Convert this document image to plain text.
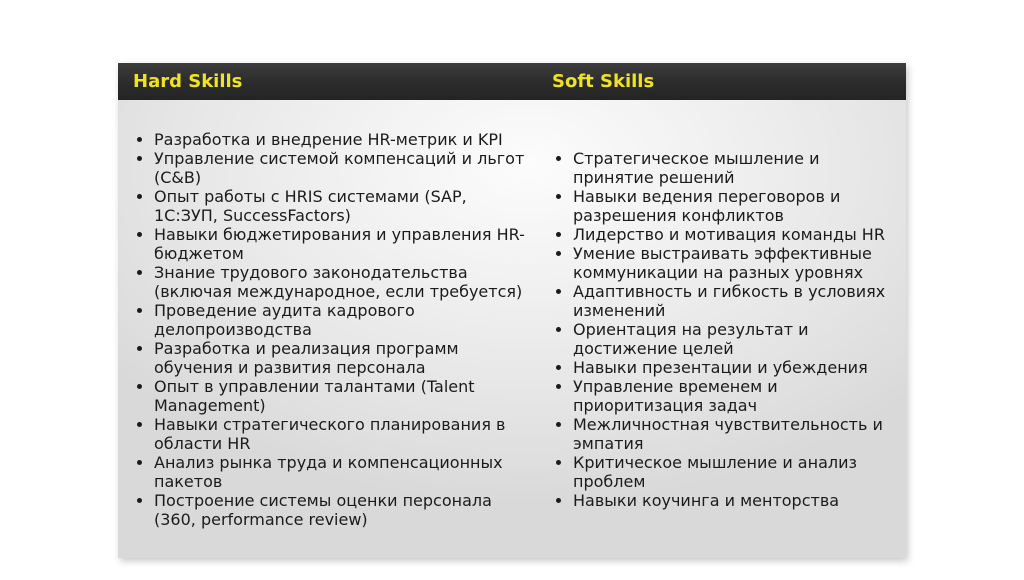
Hard Skills	Soft Skills
• Разработка и внедрение HR-метрик и KPI
• Управление системой компенсаций и льгот (C&B)
• Опыт работы с HRIS системами (SAP, 1С:ЗУП, SuccessFactors)
• Навыки бюджетирования и управления HR-бюджетом
• Знание трудового законодательства (включая международное, если требуется)
• Проведение аудита кадрового делопроизводства
• Разработка и реализация программ обучения и развития персонала
• Опыт в управлении талантами (Talent Management)
• Навыки стратегического планирования в области HR
• Анализ рынка труда и компенсационных пакетов
• Построение системы оценки персонала (360, performance review)
• Стратегическое мышление и принятие решений
• Навыки ведения переговоров и разрешения конфликтов
• Лидерство и мотивация команды HR
• Умение выстраивать эффективные коммуникации на разных уровнях
• Адаптивность и гибкость в условиях изменений
• Ориентация на результат и достижение целей
• Навыки презентации и убеждения
• Управление временем и приоритизация задач
• Межличностная чувствительность и эмпатия
• Критическое мышление и анализ проблем
• Навыки коучинга и менторства
